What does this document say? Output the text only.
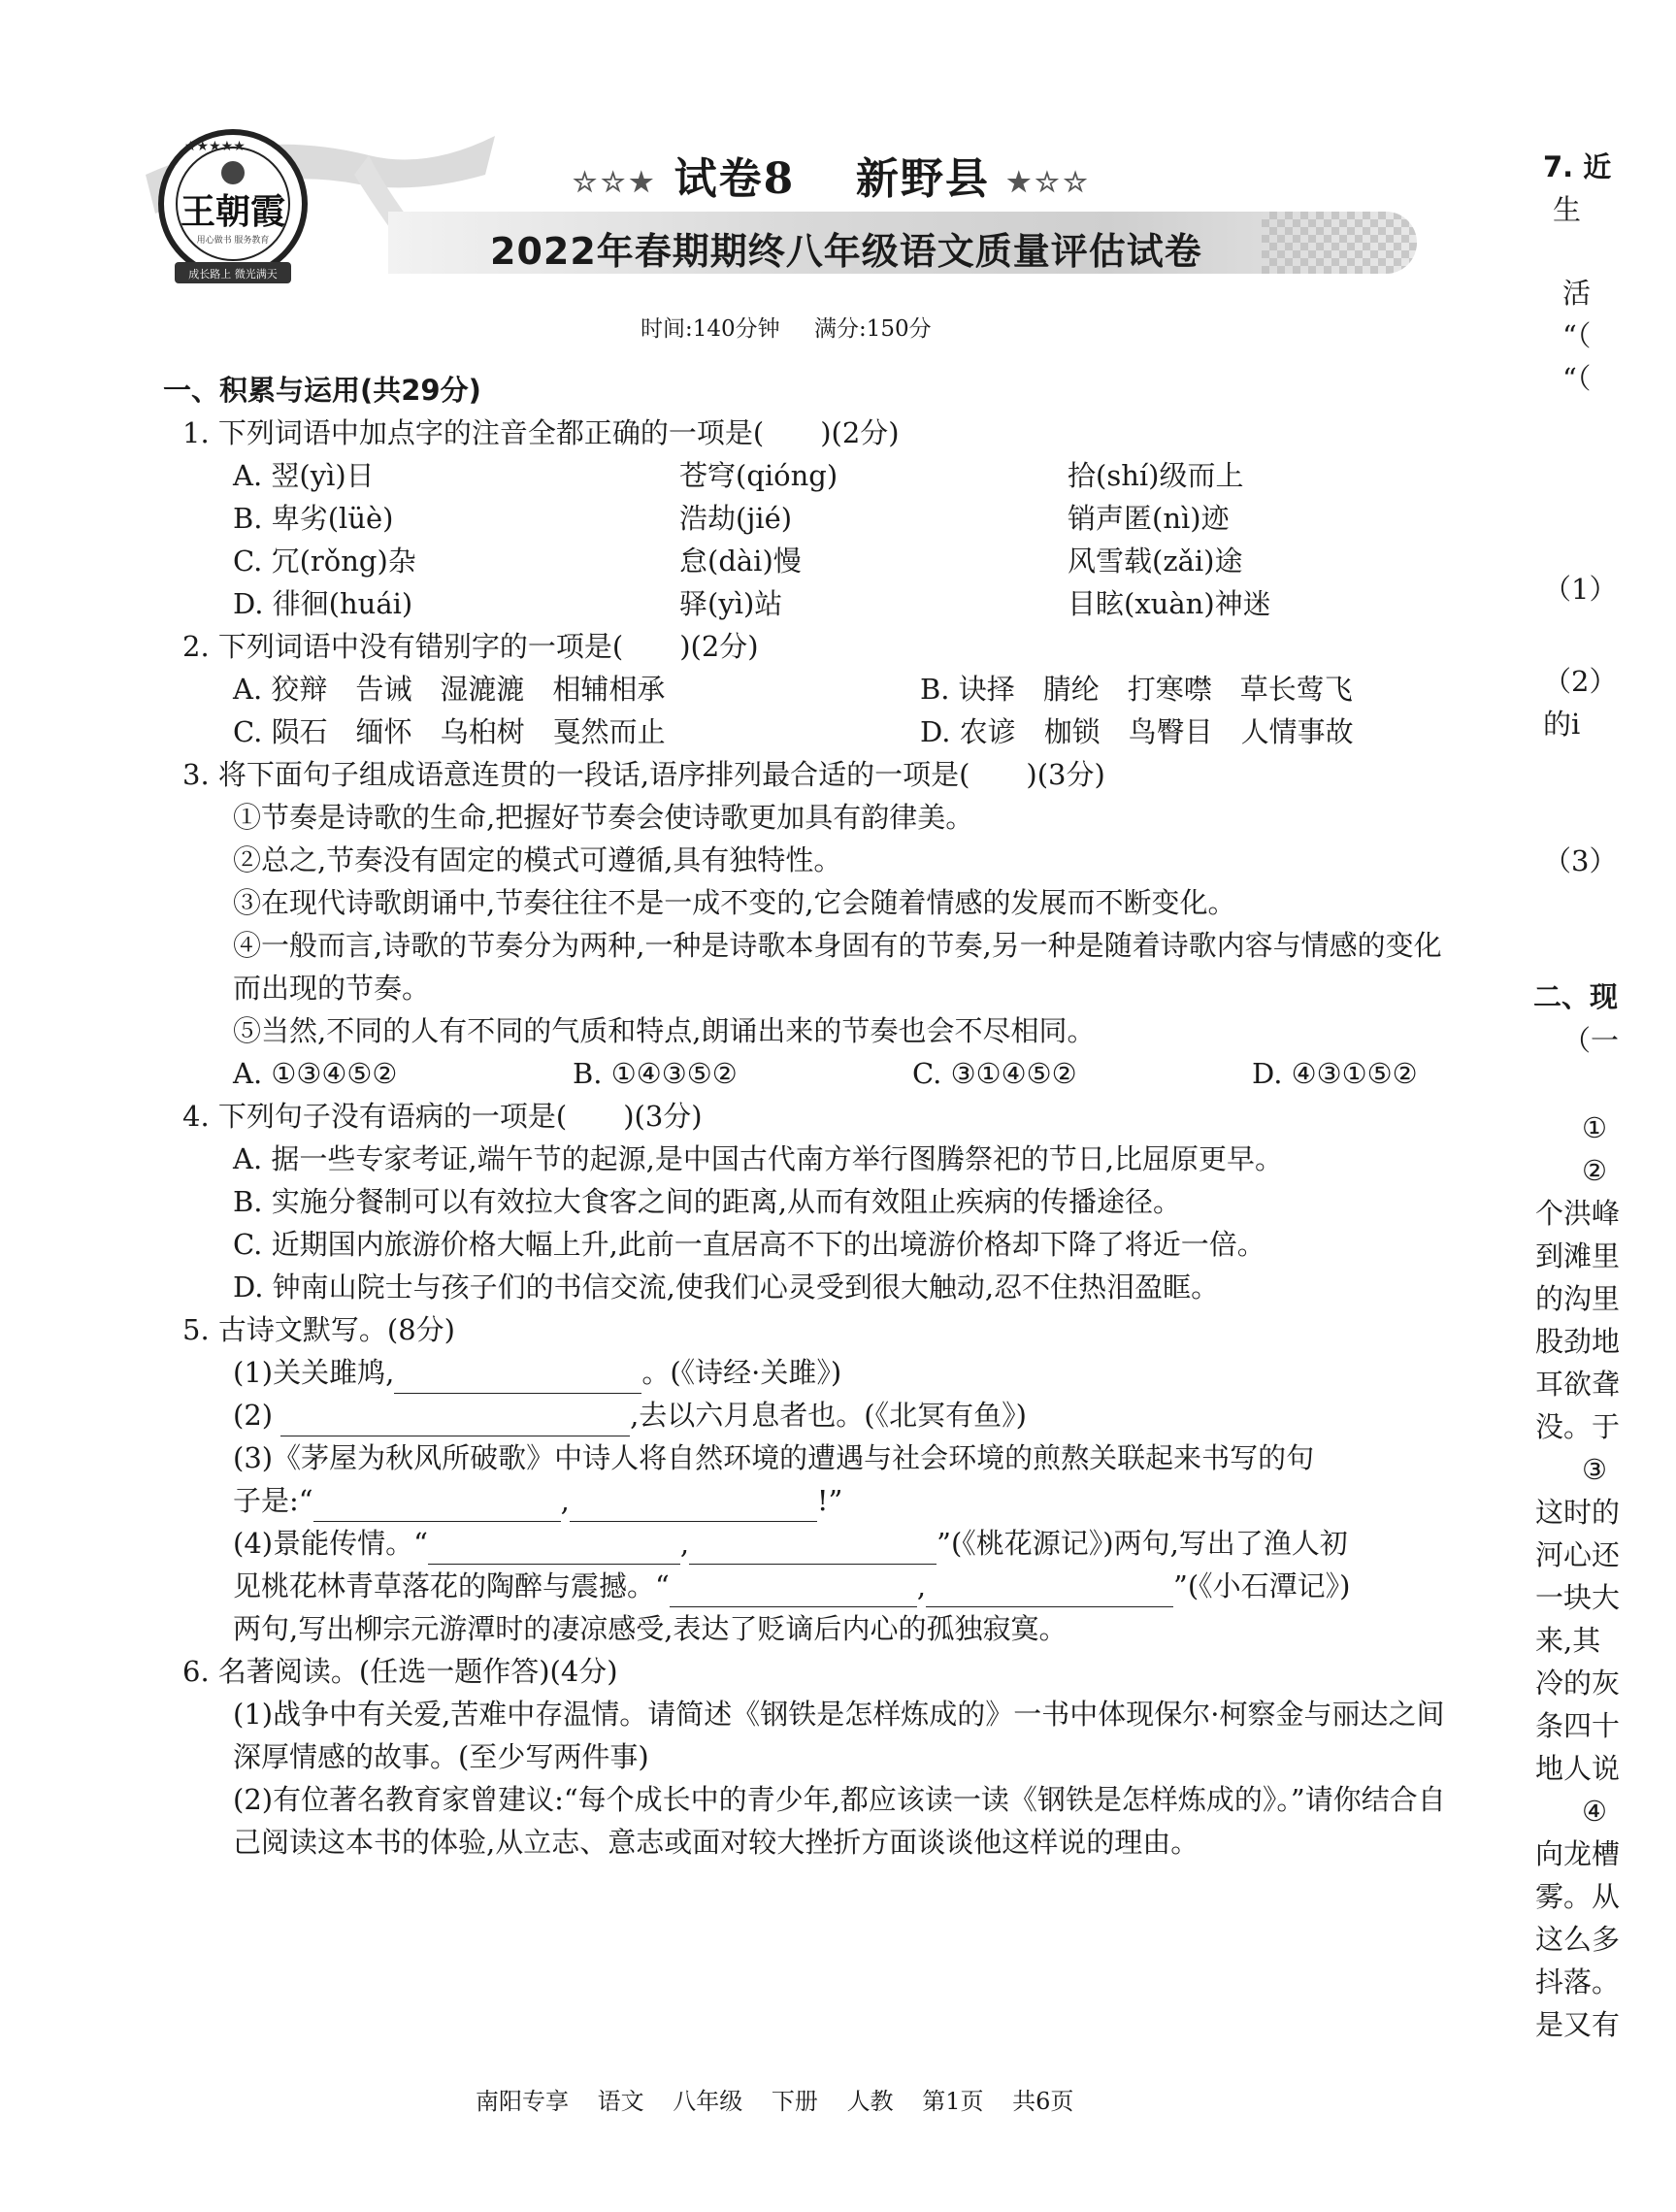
★★★★★
王朝霞
用心做书 服务教育
成长路上 微光满天
☆☆★ 试卷8 新野县 ★☆☆
2022年春期期终八年级语文质量评估试卷
时间:140分钟 满分:150分
一、积累与运用(共29分)
1. 下列词语中加点字的注音全都正确的一项是(　　)(2分)
A. 翌(yì)日	苍穹(qióng)	拾(shí)级而上
B. 卑劣(lüè)	浩劫(jié)	销声匿(nì)迹
C. 冗(rǒng)杂	怠(dài)慢	风雪载(zǎi)途
D. 徘徊(huái)	驿(yì)站	目眩(xuàn)神迷
2. 下列词语中没有错别字的一项是(　　)(2分)
A. 狡辩　告诫　湿漉漉　相辅相承	B. 诀择　腈纶　打寒噤　草长莺飞
C. 陨石　缅怀　乌桕树　戛然而止	D. 农谚　枷锁　鸟臀目　人情事故
3. 将下面句子组成语意连贯的一段话,语序排列最合适的一项是(　　)(3分)
①节奏是诗歌的生命,把握好节奏会使诗歌更加具有韵律美。
②总之,节奏没有固定的模式可遵循,具有独特性。
③在现代诗歌朗诵中,节奏往往不是一成不变的,它会随着情感的发展而不断变化。
④一般而言,诗歌的节奏分为两种,一种是诗歌本身固有的节奏,另一种是随着诗歌内容与情感的变化而出现的节奏。
⑤当然,不同的人有不同的气质和特点,朗诵出来的节奏也会不尽相同。
A. ①③④⑤②	B. ①④③⑤②	C. ③①④⑤②	D. ④③①⑤②
4. 下列句子没有语病的一项是(　　)(3分)
A. 据一些专家考证,端午节的起源,是中国古代南方举行图腾祭祀的节日,比屈原更早。
B. 实施分餐制可以有效拉大食客之间的距离,从而有效阻止疾病的传播途径。
C. 近期国内旅游价格大幅上升,此前一直居高不下的出境游价格却下降了将近一倍。
D. 钟南山院士与孩子们的书信交流,使我们心灵受到很大触动,忍不住热泪盈眶。
5. 古诗文默写。(8分)
(1)关关雎鸠,	。(《诗经·关雎》)
(2)	,去以六月息者也。(《北冥有鱼》)
(3)《茅屋为秋风所破歌》中诗人将自然环境的遭遇与社会环境的煎熬关联起来书写的句
子是:“	,	!”
(4)景能传情。“	,	”(《桃花源记》)两句,写出了渔人初
见桃花林青草落花的陶醉与震撼。“	,	”(《小石潭记》)
两句,写出柳宗元游潭时的凄凉感受,表达了贬谪后内心的孤独寂寞。
6. 名著阅读。(任选一题作答)(4分)
(1)战争中有关爱,苦难中存温情。请简述《钢铁是怎样炼成的》一书中体现保尔·柯察金与丽达之间深厚情感的故事。(至少写两件事)
(2)有位著名教育家曾建议:“每个成长中的青少年,都应该读一读《钢铁是怎样炼成的》。”请你结合自己阅读这本书的体验,从立志、意志或面对较大挫折方面谈谈他这样说的理由。
7. 近
生
活
“（
“（
（1）
（2）
的i
（3）
二、现
（一
①
②
个洪峰
到滩里
的沟里
股劲地
耳欲聋
没。于
③
这时的
河心还
一块大
来,其
冷的灰
条四十
地人说
④
向龙槽
雾。从
这么多
抖落。
是又有
南阳专享 语文 八年级 下册 人教 第1页 共6页
